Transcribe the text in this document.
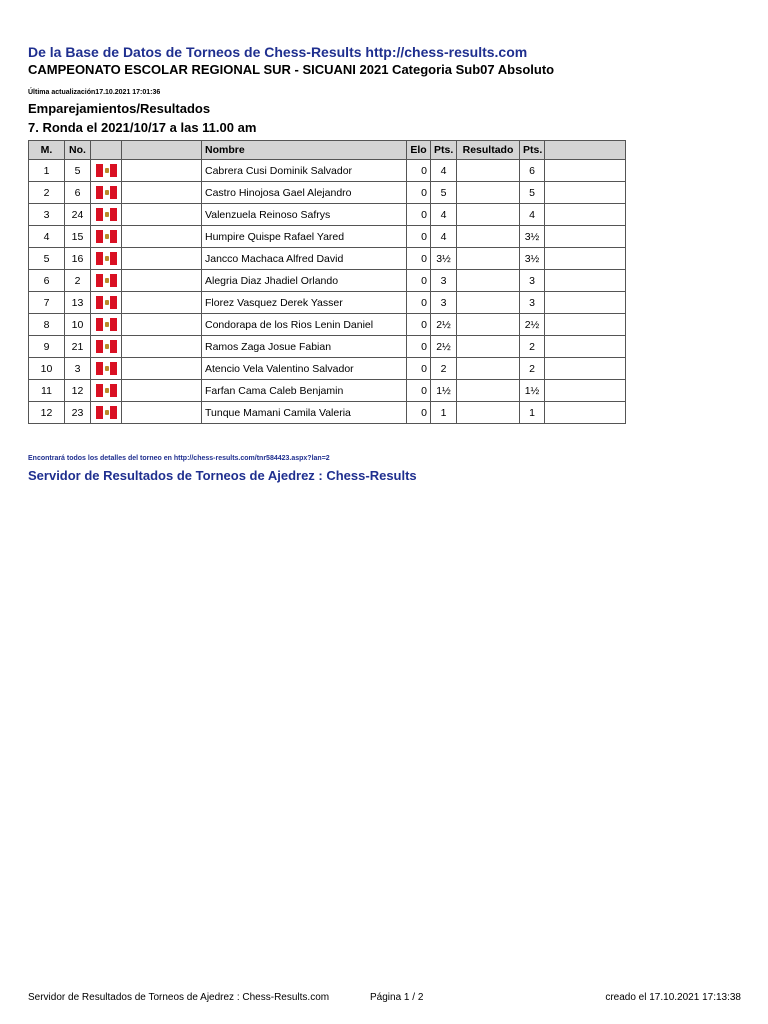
De la Base de Datos de Torneos de Chess-Results http://chess-results.com
CAMPEONATO ESCOLAR REGIONAL SUR - SICUANI 2021 Categoria Sub07 Absoluto
Última actualización17.10.2021 17:01:36
Emparejamientos/Resultados
7. Ronda el 2021/10/17 a las 11.00 am
M.	No.			Nombre	Elo	Pts.	Resultado	Pts.	
1	5			Cabrera Cusi Dominik Salvador	0	4		6	
2	6			Castro Hinojosa Gael Alejandro	0	5		5	
3	24			Valenzuela Reinoso Safrys	0	4		4	
4	15			Humpire Quispe Rafael Yared	0	4		3½	
5	16			Jancco Machaca Alfred David	0	3½		3½	
6	2			Alegria Diaz Jhadiel Orlando	0	3		3	
7	13			Florez Vasquez Derek Yasser	0	3		3	
8	10			Condorapa de los Rios Lenin Daniel	0	2½		2½	
9	21			Ramos Zaga Josue Fabian	0	2½		2	
10	3			Atencio Vela Valentino Salvador	0	2		2	
11	12			Farfan Cama Caleb Benjamin	0	1½		1½	
12	23			Tunque Mamani Camila Valeria	0	1		1	
Encontrará todos los detalles del torneo en http://chess-results.com/tnr584423.aspx?lan=2
Servidor de Resultados de Torneos de Ajedrez : Chess-Results
Servidor de Resultados de Torneos de Ajedrez : Chess-Results.com	Página 1 / 2	creado el 17.10.2021 17:13:38
